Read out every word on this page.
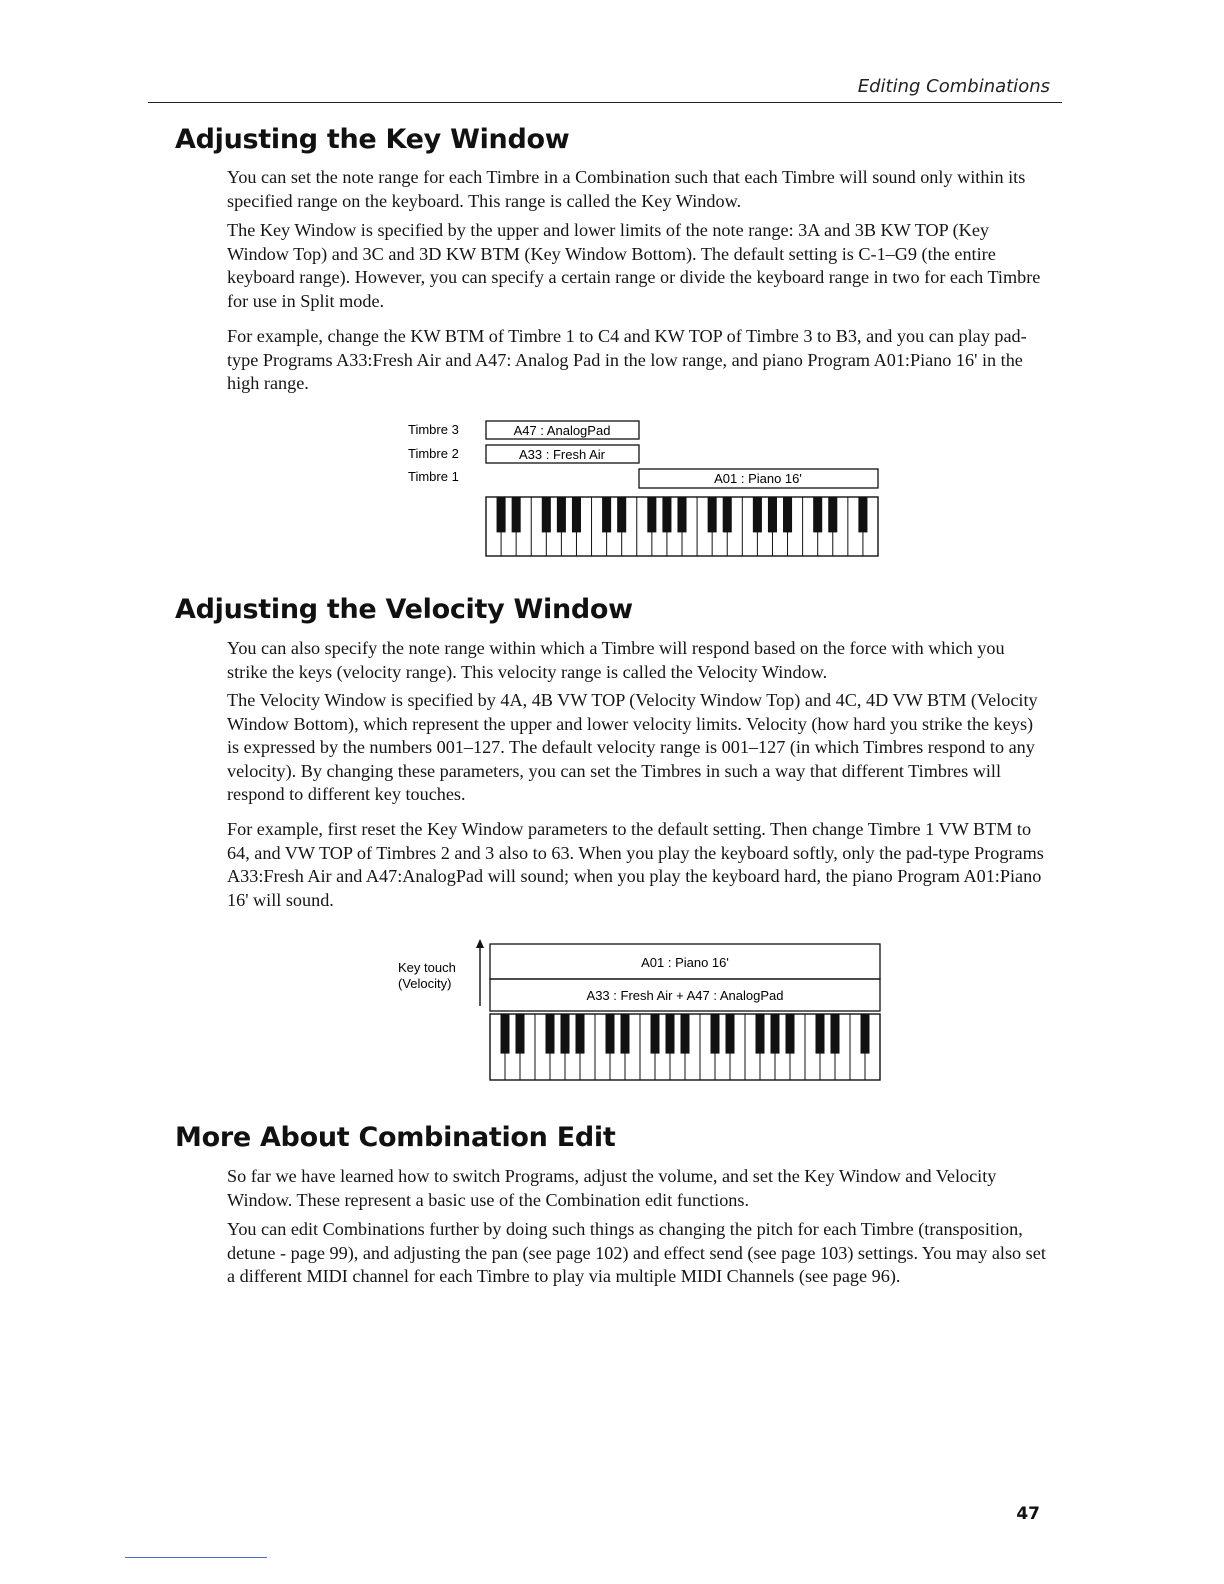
Editing Combinations
Adjusting the Key Window

You can set the note range for each Timbre in a Combination such that each Timbre will sound only within its specified range on the keyboard. This range is called the Key Window.

The Key Window is specified by the upper and lower limits of the note range: 3A and 3B KW TOP (Key Window Top) and 3C and 3D KW BTM (Key Window Bottom). The default setting is C-1–G9 (the entire keyboard range). However, you can specify a certain range or divide the keyboard range in two for each Timbre for use in Split mode.

For example, change the KW BTM of Timbre 1 to C4 and KW TOP of Timbre 3 to B3, and you can play pad-type Programs A33:Fresh Air and A47: Analog Pad in the low range, and piano Program A01:Piano 16' in the high range.

Timbre 3
Timbre 2
Timbre 1
A47 : AnalogPad
A33 : Fresh Air
A01 : Piano 16'
Adjusting the Velocity Window

You can also specify the note range within which a Timbre will respond based on the force with which you strike the keys (velocity range). This velocity range is called the Velocity Window.

The Velocity Window is specified by 4A, 4B VW TOP (Velocity Window Top) and 4C, 4D VW BTM (Velocity Window Bottom), which represent the upper and lower velocity limits. Velocity (how hard you strike the keys) is expressed by the numbers 001–127. The default velocity range is 001–127 (in which Timbres respond to any velocity). By changing these parameters, you can set the Timbres in such a way that different Timbres will respond to different key touches.

For example, first reset the Key Window parameters to the default setting. Then change Timbre 1 VW BTM to 64, and VW TOP of Timbres 2 and 3 also to 63. When you play the keyboard softly, only the pad-type Programs A33:Fresh Air and A47:AnalogPad will sound; when you play the keyboard hard, the piano Program A01:Piano 16' will sound.

Key touch
(Velocity)
A01 : Piano 16'
A33 : Fresh Air + A47 : AnalogPad
More About Combination Edit

So far we have learned how to switch Programs, adjust the volume, and set the Key Window and Velocity Window. These represent a basic use of the Combination edit functions.

You can edit Combinations further by doing such things as changing the pitch for each Timbre (transposition, detune - page 99), and adjusting the pan (see page 102) and effect send (see page 103) settings. You may also set a different MIDI channel for each Timbre to play via multiple MIDI Channels (see page 96).

47
